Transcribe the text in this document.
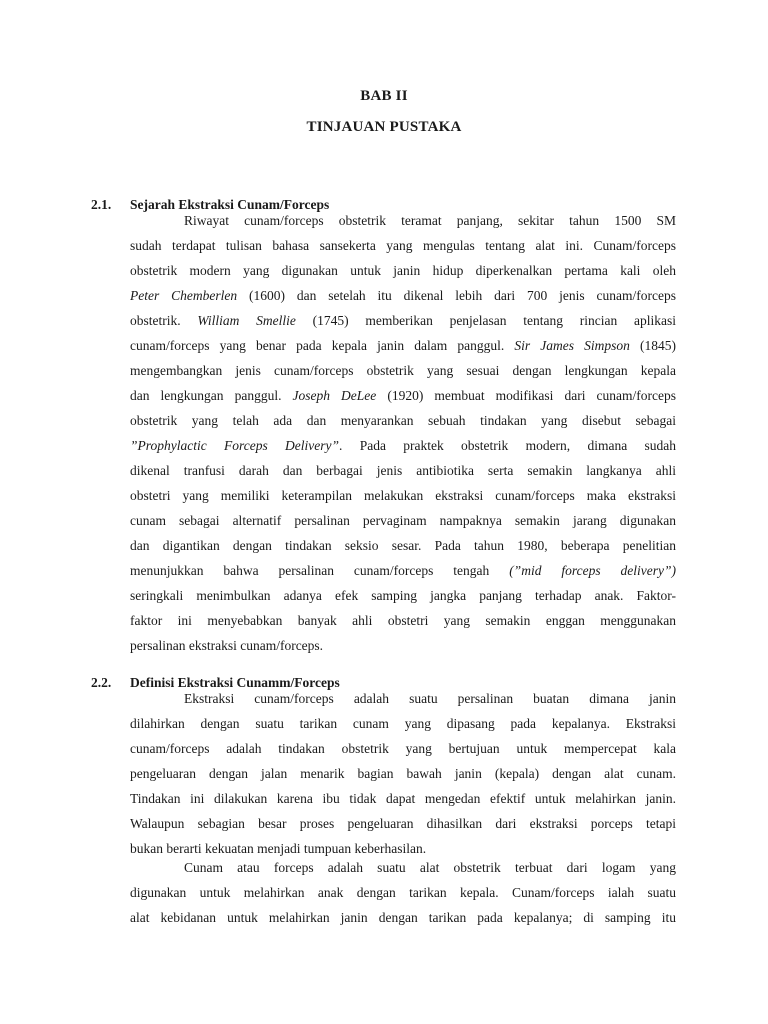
BAB II
TINJAUAN PUSTAKA
2.1. Sejarah Ekstraksi Cunam/Forceps
Riwayat cunam/forceps obstetrik teramat panjang, sekitar tahun 1500 SM
sudah terdapat tulisan bahasa sansekerta yang mengulas tentang alat ini. Cunam/forceps
obstetrik modern yang digunakan untuk janin hidup diperkenalkan pertama kali oleh
Peter Chemberlen (1600) dan setelah itu dikenal lebih dari 700 jenis cunam/forceps
obstetrik. William Smellie (1745) memberikan penjelasan tentang rincian aplikasi
cunam/forceps yang benar pada kepala janin dalam panggul. Sir James Simpson (1845)
mengembangkan jenis cunam/forceps obstetrik yang sesuai dengan lengkungan kepala
dan lengkungan panggul. Joseph DeLee (1920) membuat modifikasi dari cunam/forceps
obstetrik yang telah ada dan menyarankan sebuah tindakan yang disebut sebagai
”Prophylactic Forceps Delivery”. Pada praktek obstetrik modern, dimana sudah
dikenal tranfusi darah dan berbagai jenis antibiotika serta semakin langkanya ahli
obstetri yang memiliki keterampilan melakukan ekstraksi cunam/forceps maka ekstraksi
cunam sebagai alternatif persalinan pervaginam nampaknya semakin jarang digunakan
dan digantikan dengan tindakan seksio sesar. Pada tahun 1980, beberapa penelitian
menunjukkan bahwa persalinan cunam/forceps tengah (”mid forceps delivery”)
seringkali menimbulkan adanya efek samping jangka panjang terhadap anak. Faktor-
faktor ini menyebabkan banyak ahli obstetri yang semakin enggan menggunakan
persalinan ekstraksi cunam/forceps.
2.2. Definisi Ekstraksi Cunamm/Forceps
Ekstraksi cunam/forceps adalah suatu persalinan buatan dimana janin
dilahirkan dengan suatu tarikan cunam yang dipasang pada kepalanya. Ekstraksi
cunam/forceps adalah tindakan obstetrik yang bertujuan untuk mempercepat kala
pengeluaran dengan jalan menarik bagian bawah janin (kepala) dengan alat cunam.
Tindakan ini dilakukan karena ibu tidak dapat mengedan efektif untuk melahirkan janin.
Walaupun sebagian besar proses pengeluaran dihasilkan dari ekstraksi porceps tetapi
bukan berarti kekuatan menjadi tumpuan keberhasilan.
Cunam atau forceps adalah suatu alat obstetrik terbuat dari logam yang
digunakan untuk melahirkan anak dengan tarikan kepala. Cunam/forceps ialah suatu
alat kebidanan untuk melahirkan janin dengan tarikan pada kepalanya; di samping itu
